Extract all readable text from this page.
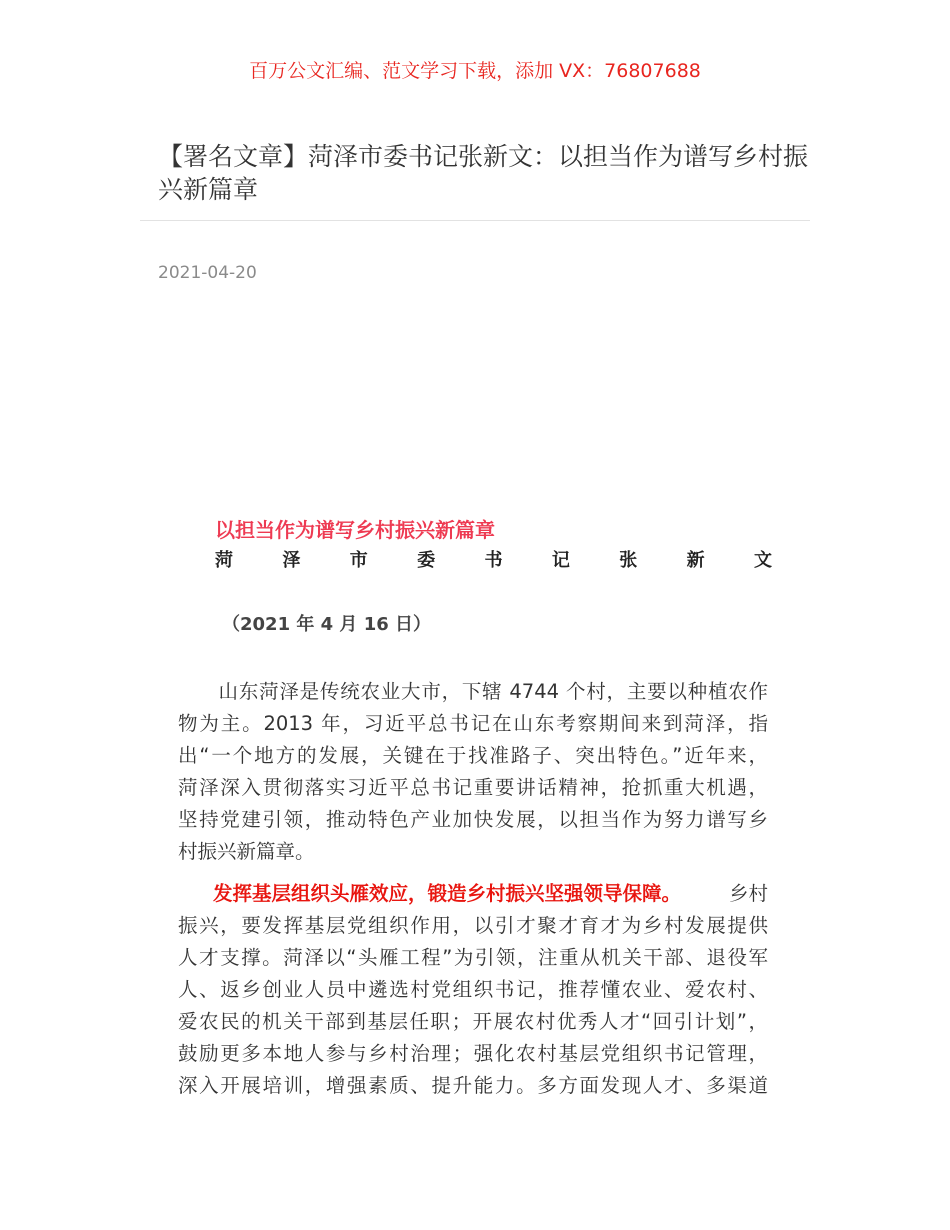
百万公文汇编、范文学习下载，添加 VX：76807688
【署名文章】菏泽市委书记张新文：以担当作为谱写乡村振兴新篇章
2021-04-20
以担当作为谱写乡村振兴新篇章
菏	泽	市	委	书	记	张	新	文
（2021 年 4 月 16 日）
　　山东菏泽是传统农业大市，下辖 4744 个村，主要以种植农作
物为主。2013 年，习近平总书记在山东考察期间来到菏泽，指
出“一个地方的发展，关键在于找准路子、突出特色。”近年来，
菏泽深入贯彻落实习近平总书记重要讲话精神，抢抓重大机遇，
坚持党建引领，推动特色产业加快发展，以担当作为努力谱写乡
村振兴新篇章。
发挥基层组织头雁效应，锻造乡村振兴坚强领导保障。 乡村
振兴，要发挥基层党组织作用，以引才聚才育才为乡村发展提供
人才支撑。菏泽以“头雁工程”为引领，注重从机关干部、退役军
人、返乡创业人员中遴选村党组织书记，推荐懂农业、爱农村、
爱农民的机关干部到基层任职；开展农村优秀人才“回引计划”，
鼓励更多本地人参与乡村治理；强化农村基层党组织书记管理，
深入开展培训，增强素质、提升能力。多方面发现人才、多渠道
